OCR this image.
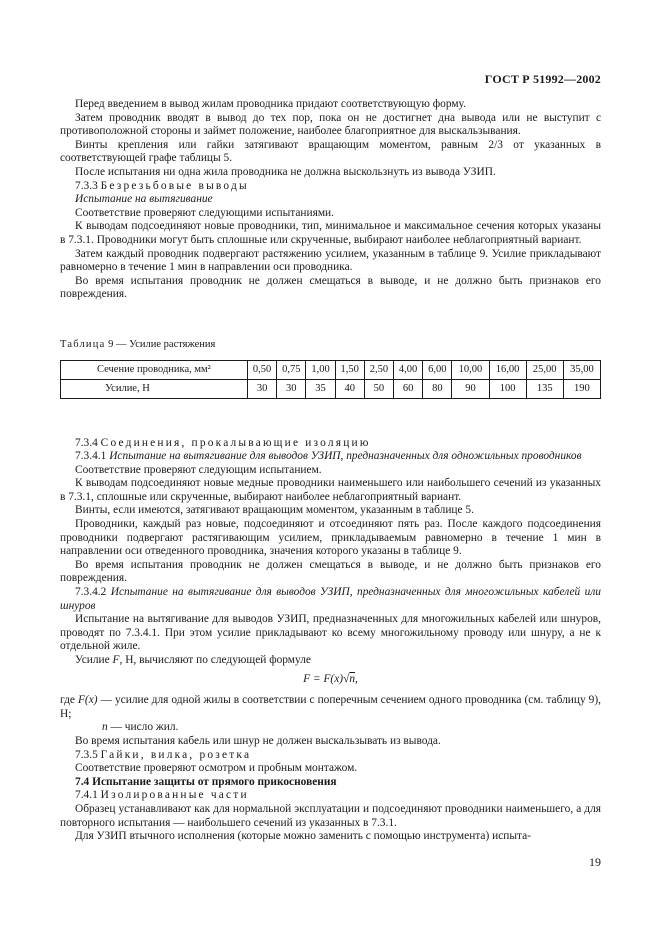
ГОСТ Р 51992—2002

Перед введением в вывод жилам проводника придают соответствующую форму.

Затем проводник вводят в вывод до тех пор, пока он не достигнет дна вывода или не выступит с противоположной стороны и займет положение, наиболее благоприятное для выскальзывания.

Винты крепления или гайки затягивают вращающим моментом, равным 2/3 от указанных в соответствующей графе таблицы 5.

После испытания ни одна жила проводника не должна выскользнуть из вывода УЗИП.

7.3.3 Безрезьбовые выводы

Испытание на вытягивание

Соответствие проверяют следующими испытаниями.

К выводам подсоединяют новые проводники, тип, минимальное и максимальное сечения которых указаны в 7.3.1. Проводники могут быть сплошные или скрученные, выбирают наиболее неблагоприятный вариант.

Затем каждый проводник подвергают растяжению усилием, указанным в таблице 9. Усилие прикладывают равномерно в течение 1 мин в направлении оси проводника.

Во время испытания проводник не должен смещаться в выводе, и не должно быть признаков его повреждения.

Таблица 9 — Усилие растяжения
Сечение проводника, мм²	0,50	0,75	1,00	1,50	2,50	4,00	6,00	10,00	16,00	25,00	35,00
Усилие, Н	30	30	35	40	50	60	80	90	100	135	190

7.3.4 Соединения, прокалывающие изоляцию

7.3.4.1 Испытание на вытягивание для выводов УЗИП, предназначенных для одножильных проводников

Соответствие проверяют следующим испытанием.

К выводам подсоединяют новые медные проводники наименьшего или наибольшего сечений из указанных в 7.3.1, сплошные или скрученные, выбирают наиболее неблагоприятный вариант.

Винты, если имеются, затягивают вращающим моментом, указанным в таблице 5.

Проводники, каждый раз новые, подсоединяют и отсоединяют пять раз. После каждого подсоединения проводники подвергают растягивающим усилием, прикладываемым равномерно в течение 1 мин в направлении оси отведенного проводника, значения которого указаны в таблице 9.

Во время испытания проводник не должен смещаться в выводе, и не должно быть признаков его повреждения.

7.3.4.2 Испытание на вытягивание для выводов УЗИП, предназначенных для многожильных кабелей или шнуров

Испытание на вытягивание для выводов УЗИП, предназначенных для многожильных кабелей или шнуров, проводят по 7.3.4.1. При этом усилие прикладывают ко всему многожильному проводу или шнуру, а не к отдельной жиле.

Усилие F, Н, вычисляют по следующей формуле

F = F(x)√n,

где F(x) — усилие для одной жилы в соответствии с поперечным сечением одного проводника (см. таблицу 9), Н;

n — число жил.

Во время испытания кабель или шнур не должен выскальзывать из вывода.

7.3.5 Гайки, вилка, розетка

Соответствие проверяют осмотром и пробным монтажом.

7.4 Испытание защиты от прямого прикосновения

7.4.1 Изолированные части

Образец устанавливают как для нормальной эксплуатации и подсоединяют проводники наименьшего, а для повторного испытания — наибольшего сечений из указанных в 7.3.1.

Для УЗИП втычного исполнения (которые можно заменить с помощью инструмента) испыта-

19
